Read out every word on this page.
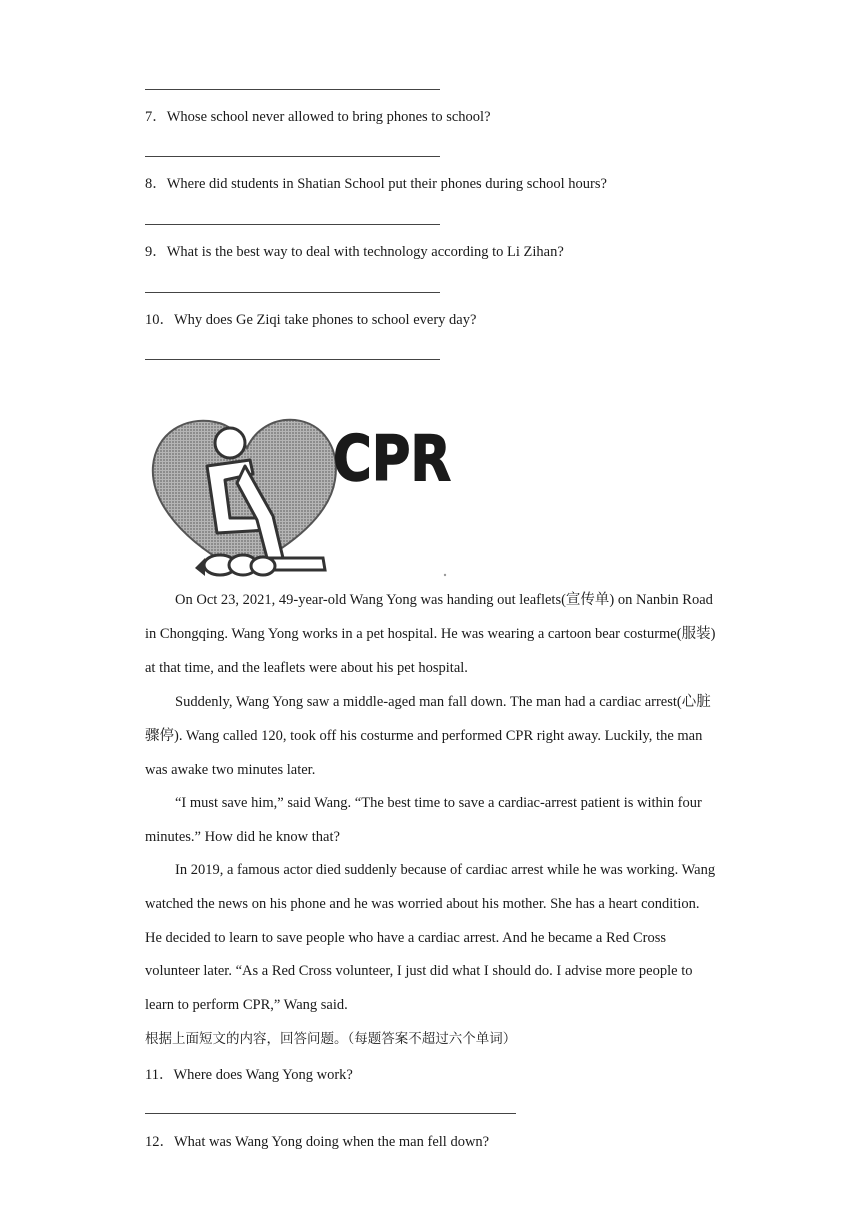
7．Whose school never allowed to bring phones to school?
8．Where did students in Shatian School put their phones during school hours?
9．What is the best way to deal with technology according to Li Zihan?
10．Why does Ge Ziqi take phones to school every day?
CPR

On Oct 23, 2021, 49-year-old Wang Yong was handing out leaflets(宣传单) on Nanbin Road in Chongqing. Wang Yong works in a pet hospital. He was wearing a cartoon bear costurme(服装) at that time, and the leaflets were about his pet hospital.

Suddenly, Wang Yong saw a middle-aged man fall down. The man had a cardiac arrest(心脏骤停). Wang called 120, took off his costurme and performed CPR right away. Luckily, the man was awake two minutes later.

“I must save him,” said Wang. “The best time to save a cardiac-arrest patient is within four minutes.” How did he know that?

In 2019, a famous actor died suddenly because of cardiac arrest while he was working. Wang watched the news on his phone and he was worried about his mother. She has a heart condition. He decided to learn to save people who have a cardiac arrest. And he became a Red Cross volunteer later. “As a Red Cross volunteer, I just did what I should do. I advise more people to learn to perform CPR,” Wang said.

根据上面短文的内容，回答问题。（每题答案不超过六个单词）
11．Where does Wang Yong work?
12．What was Wang Yong doing when the man fell down?
